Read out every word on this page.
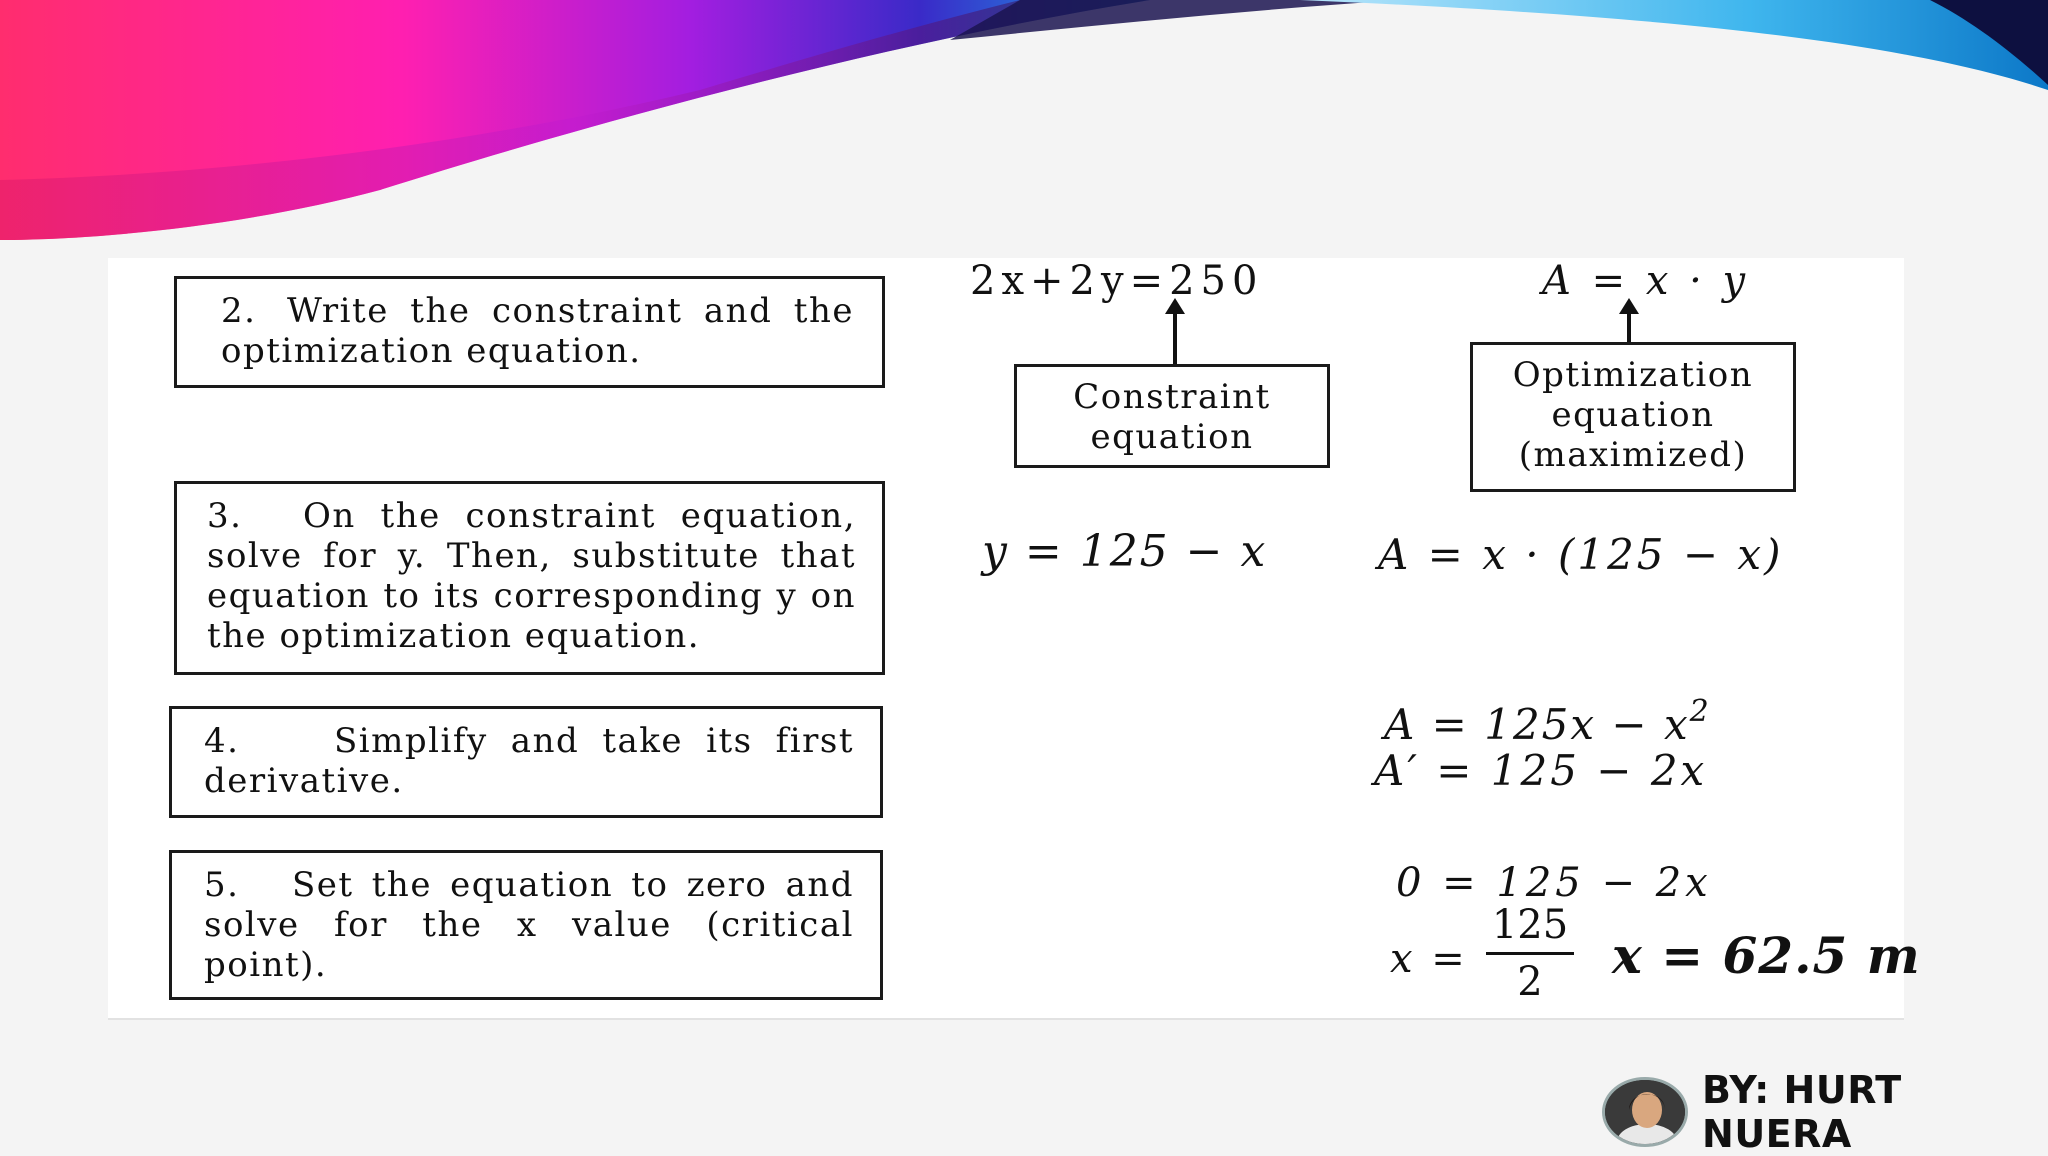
2. Write the constraint and the optimization equation.

3. On the constraint equation, solve for y. Then, substitute that equation to its corresponding y on the optimization equation.

4.	Simplify and take its first derivative.

5. Set the equation to zero and solve for the x value (critical point).

2x+2y=250
Constraint
equation
A = x · y
Optimization
equation
(maximized)
y = 125 − x	A = x · (125 − x)
$A = 125x - x^2$
A′ = 125 − 2x
0 = 125 − 2x
x =
125
2	x = 62.5 m
BY: HURT NUERA
